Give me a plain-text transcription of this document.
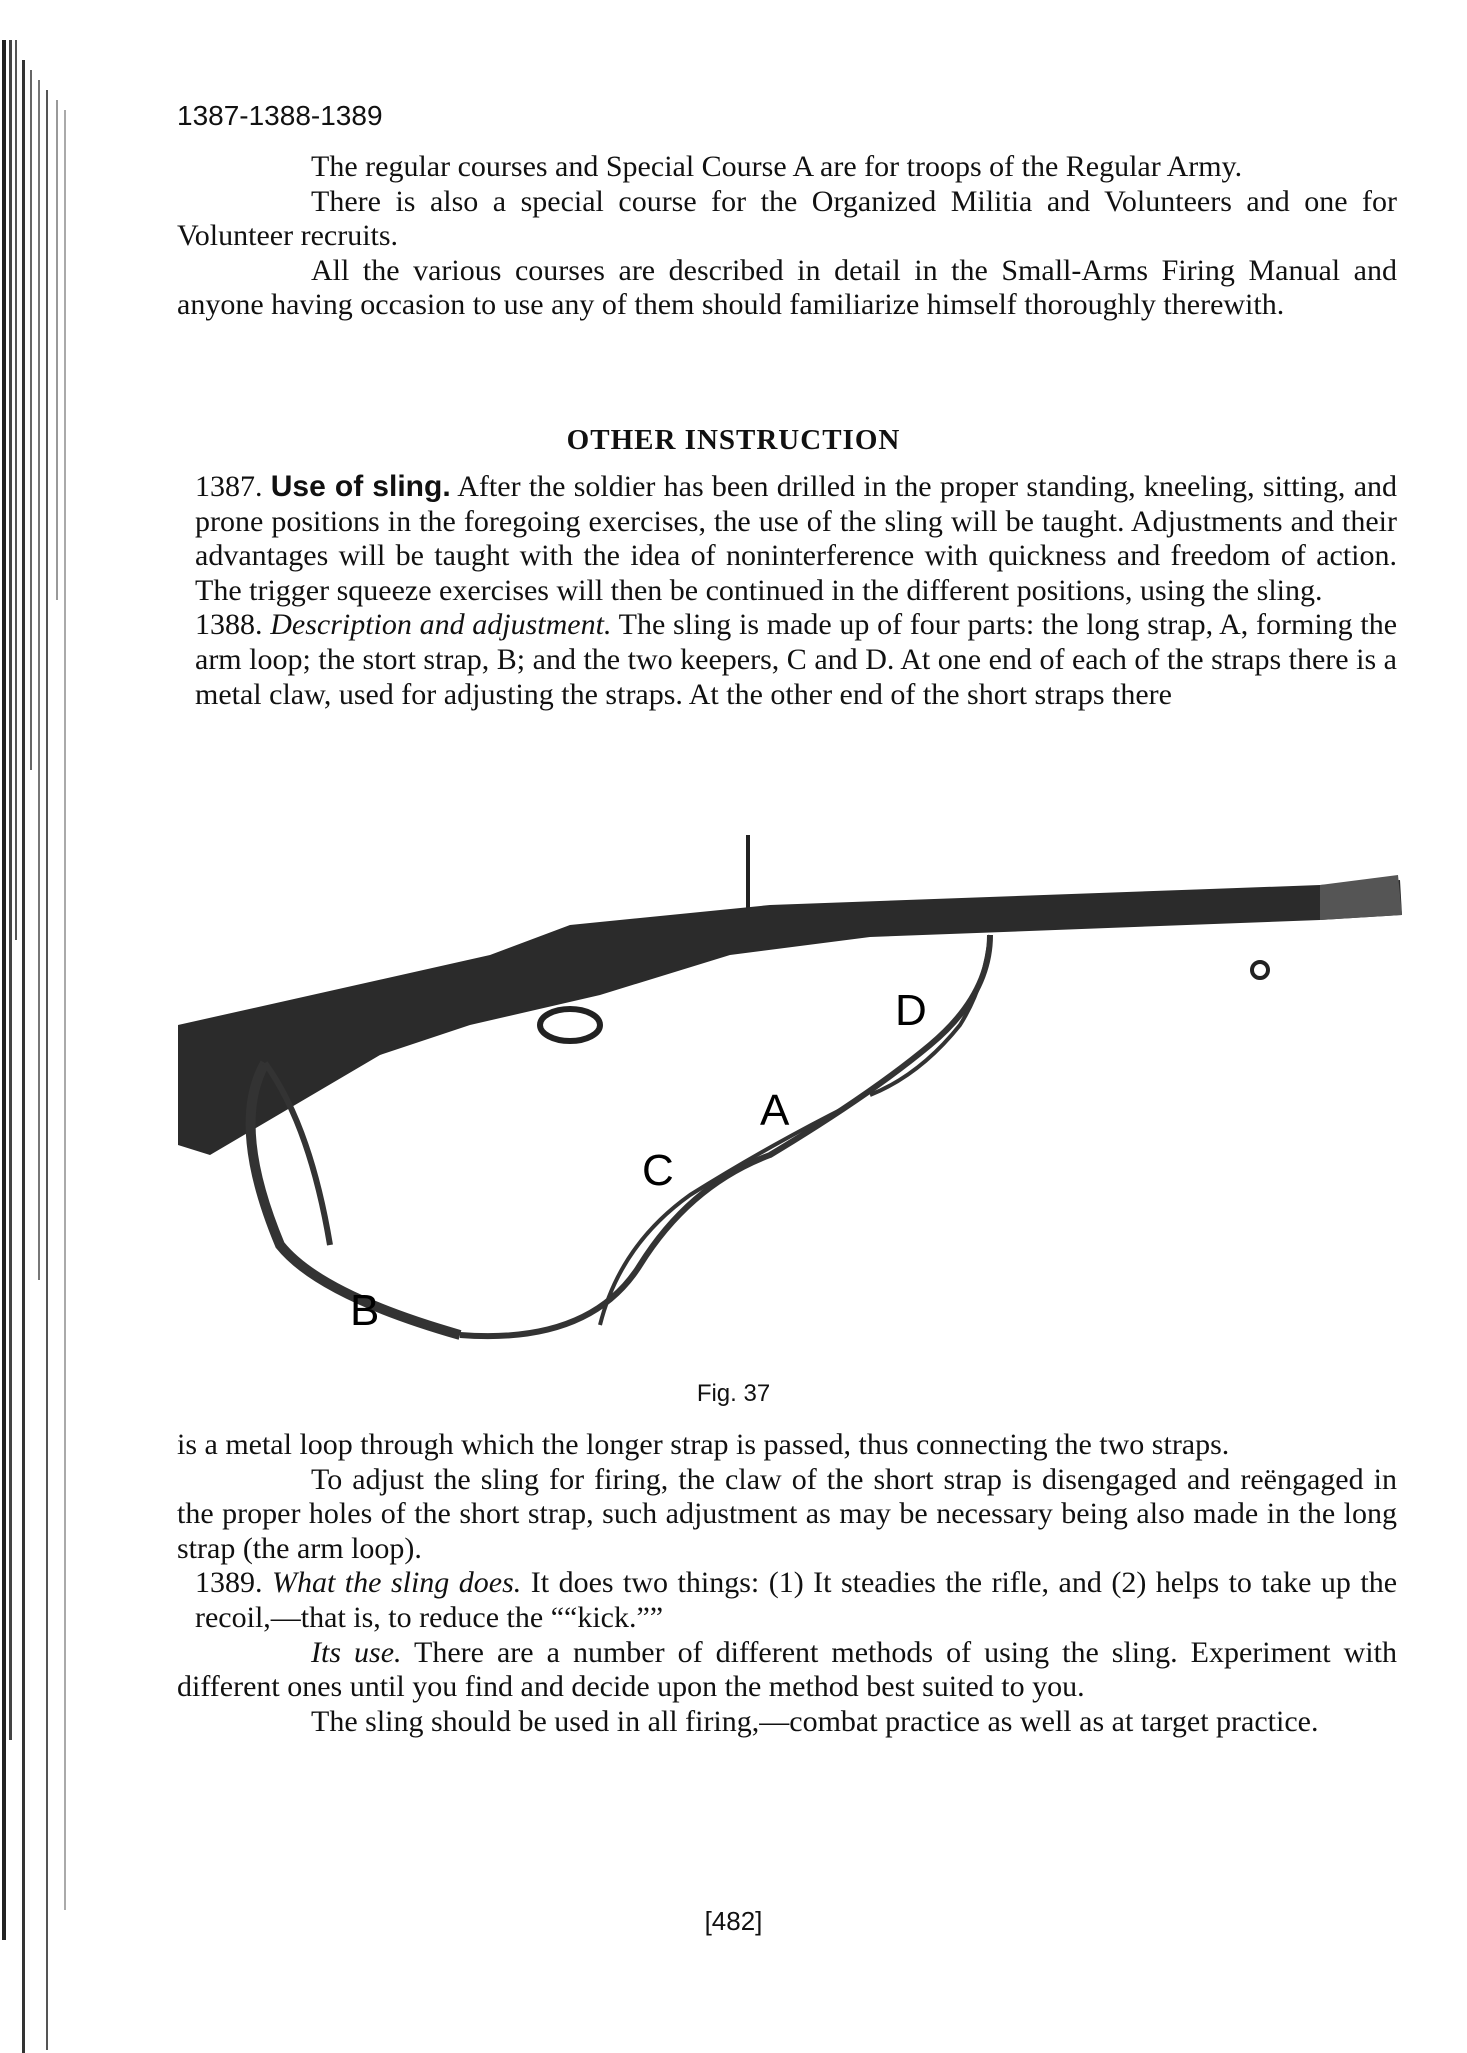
1387-1388-1389

The regular courses and Special Course A are for troops of the Regular Army.

There is also a special course for the Organized Militia and Volunteers and one for Volunteer recruits.

All the various courses are described in detail in the Small-Arms Firing Manual and anyone having occasion to use any of them should familiarize himself thoroughly therewith.

OTHER INSTRUCTION

1387. Use of sling. After the soldier has been drilled in the proper standing, kneeling, sitting, and prone positions in the foregoing exercises, the use of the sling will be taught. Adjustments and their advantages will be taught with the idea of noninterference with quickness and freedom of action. The trigger squeeze exercises will then be continued in the different positions, using the sling.

1388. Description and adjustment. The sling is made up of four parts: the long strap, A, forming the arm loop; the stort strap, B; and the two keepers, C and D. At one end of each of the straps there is a metal claw, used for adjusting the straps. At the other end of the short straps there

A
B
C
D
Fig. 37

is a metal loop through which the longer strap is passed, thus connecting the two straps.

To adjust the sling for firing, the claw of the short strap is disengaged and reëngaged in the proper holes of the short strap, such adjustment as may be necessary being also made in the long strap (the arm loop).

1389. What the sling does. It does two things: (1) It steadies the rifle, and (2) helps to take up the recoil,—that is, to reduce the ““kick.””

Its use. There are a number of different methods of using the sling. Experiment with different ones until you find and decide upon the method best suited to you.

The sling should be used in all firing,—combat practice as well as at target practice.

[482]
